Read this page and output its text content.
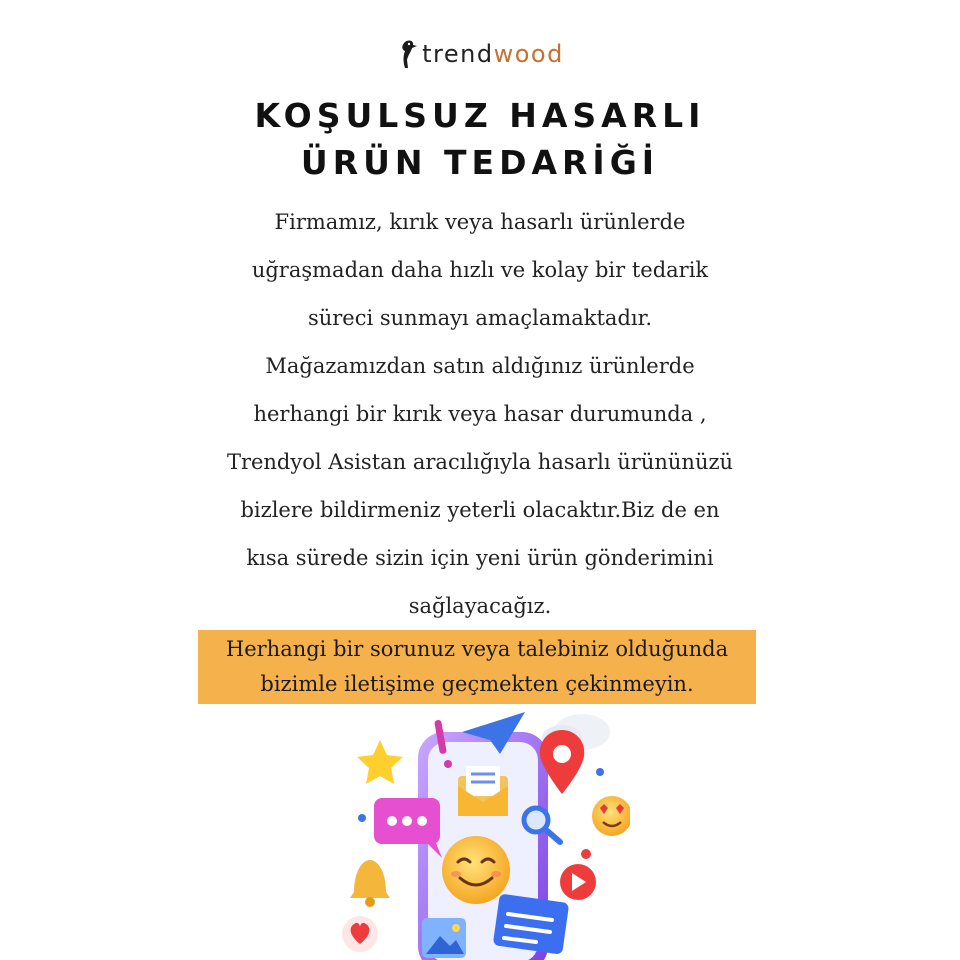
trendwood
KOŞULSUZ HASARLI
ÜRÜN TEDARİĞİ
Firmamız, kırık veya hasarlı ürünlerde
uğraşmadan daha hızlı ve kolay bir tedarik
süreci sunmayı amaçlamaktadır.
Mağazamızdan satın aldığınız ürünlerde
herhangi bir kırık veya hasar durumunda ,
Trendyol Asistan aracılığıyla hasarlı ürününüzü
bizlere bildirmeniz yeterli olacaktır.Biz de en
kısa sürede sizin için yeni ürün gönderimini
sağlayacağız.
Herhangi bir sorunuz veya talebiniz olduğunda
bizimle iletişime geçmekten çekinmeyin.
